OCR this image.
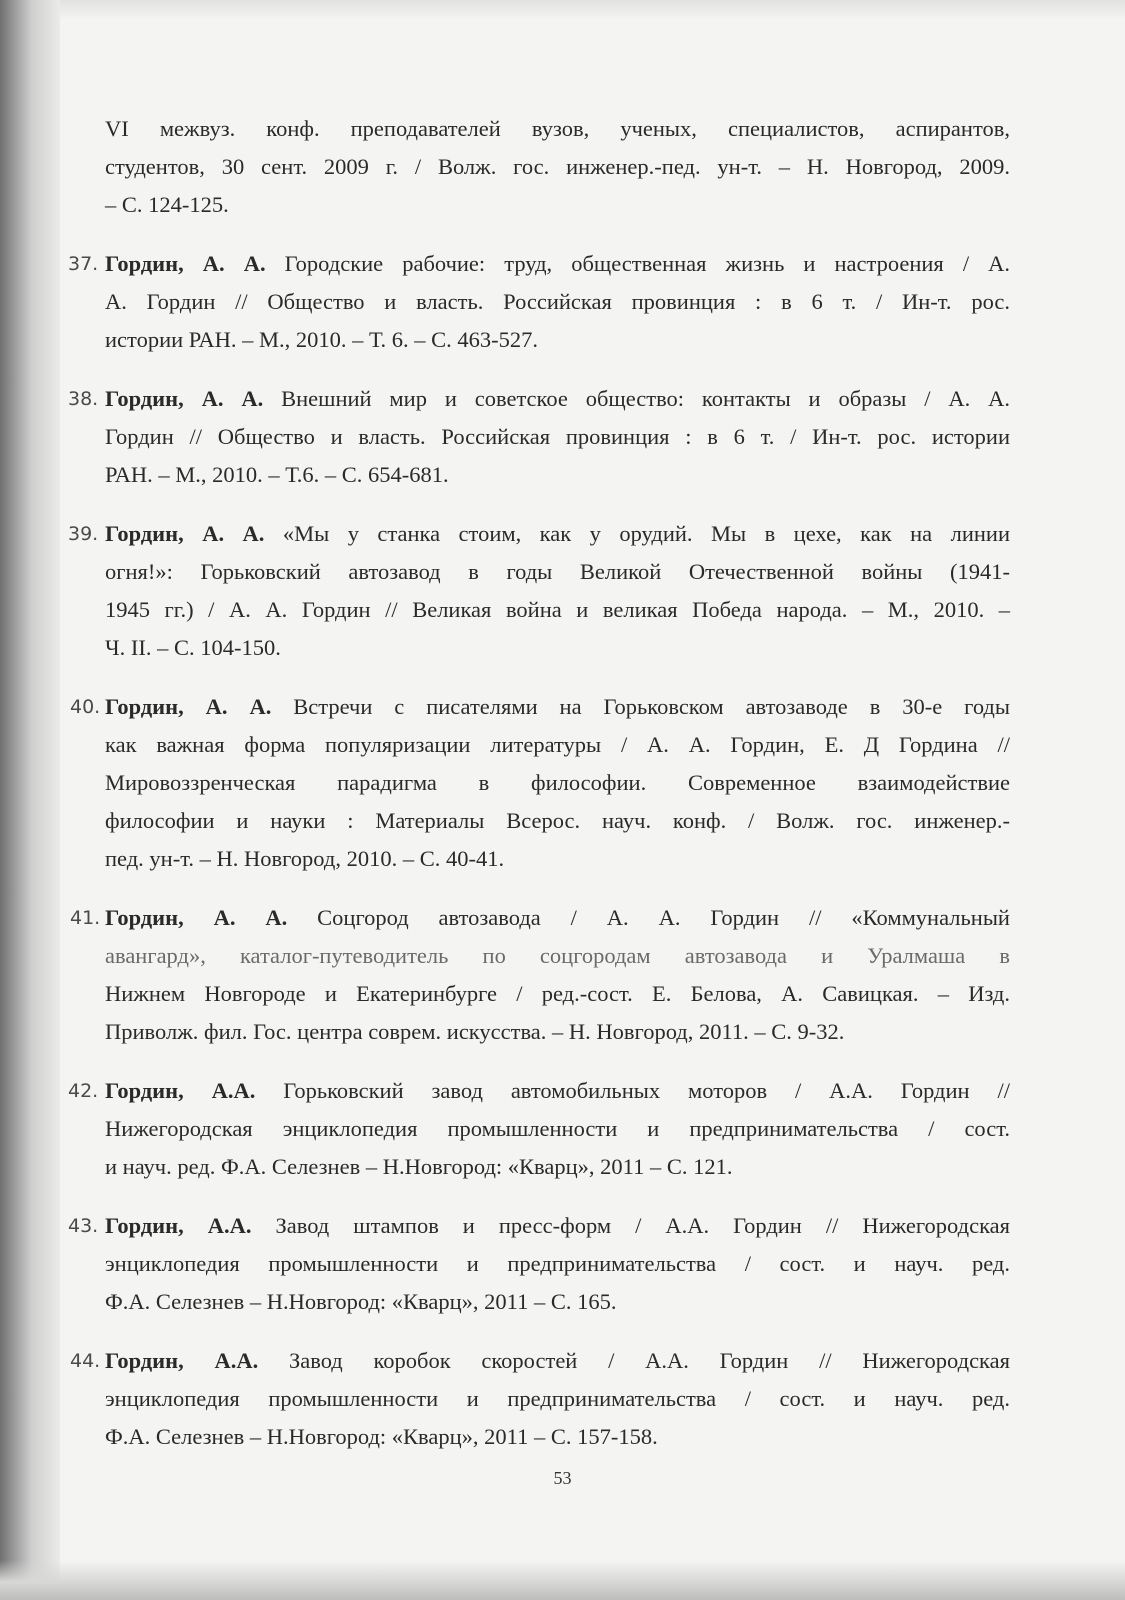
VI межвуз. конф. преподавателей вузов, ученых, специалистов, аспирантов,
студентов, 30 сент. 2009 г. / Волж. гос. инженер.-пед. ун-т. – Н. Новгород, 2009.
– С. 124-125.
37. Гордин, А. А. Городские рабочие: труд, общественная жизнь и настроения / А.
А. Гордин // Общество и власть. Российская провинция : в 6 т. / Ин-т. рос.
истории РАН. – М., 2010. – Т. 6. – С. 463-527.
38. Гордин, А. А. Внешний мир и советское общество: контакты и образы / А. А.
Гордин // Общество и власть. Российская провинция : в 6 т. / Ин-т. рос. истории
РАН. – М., 2010. – Т.6. – С. 654-681.
39. Гордин, А. А. «Мы у станка стоим, как у орудий. Мы в цехе, как на линии
огня!»: Горьковский автозавод в годы Великой Отечественной войны (1941-
1945 гг.) / А. А. Гордин // Великая война и великая Победа народа. – М., 2010. –
Ч. II. – С. 104-150.
40. Гордин, А. А. Встречи с писателями на Горьковском автозаводе в 30-е годы
как важная форма популяризации литературы / А. А. Гордин, Е. Д Гордина //
Мировоззренческая парадигма в философии. Современное взаимодействие
философии и науки : Материалы Всерос. науч. конф. / Волж. гос. инженер.-
пед. ун-т. – Н. Новгород, 2010. – С. 40-41.
41. Гордин, А. А. Соцгород автозавода / А. А. Гордин // «Коммунальный
авангард», каталог-путеводитель по соцгородам автозавода и Уралмаша в
Нижнем Новгороде и Екатеринбурге / ред.-сост. Е. Белова, А. Савицкая. – Изд.
Приволж. фил. Гос. центра соврем. искусства. – Н. Новгород, 2011. – С. 9-32.
42. Гордин, А.А. Горьковский завод автомобильных моторов / А.А. Гордин //
Нижегородская энциклопедия промышленности и предпринимательства / сост.
и науч. ред. Ф.А. Селезнев – Н.Новгород: «Кварц», 2011 – С. 121.
43. Гордин, А.А. Завод штампов и пресс-форм / А.А. Гордин // Нижегородская
энциклопедия промышленности и предпринимательства / сост. и науч. ред.
Ф.А. Селезнев – Н.Новгород: «Кварц», 2011 – С. 165.
44. Гордин, А.А. Завод коробок скоростей / А.А. Гордин // Нижегородская
энциклопедия промышленности и предпринимательства / сост. и науч. ред.
Ф.А. Селезнев – Н.Новгород: «Кварц», 2011 – С. 157-158.
53
